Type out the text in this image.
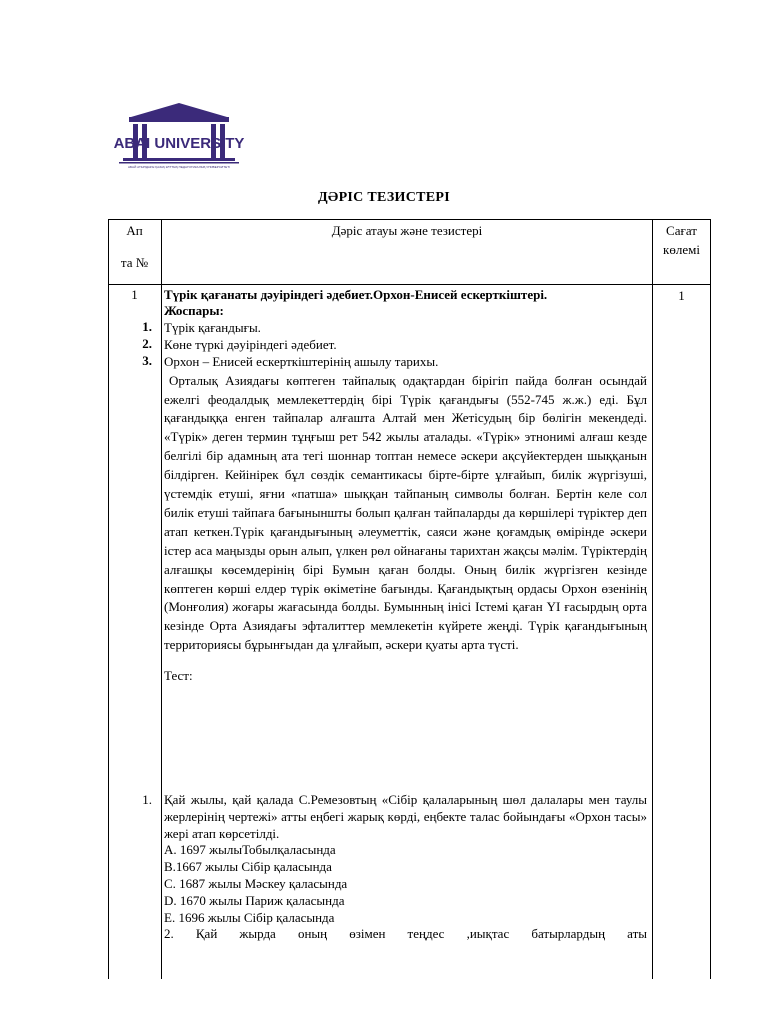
ABAI UNIVERSITY
АБАЙ АТЫНДАҒЫ ҚАЗАҚ ҰЛТТЫҚ ПЕДАГОГИКАЛЫҚ УНИВЕРСИТЕТІ
ДӘРІС ТЕЗИСТЕРІ
Ап
та №
Дәріс атауы және тезистері	Сағат
көлемі
1	1
1.
2.
3.
Түрік қағанаты дәуіріндегі әдебиет.Орхон-Енисей ескерткіштері.
Жоспары:
Түрік қағандығы.
Көне түркі дәуіріндегі әдебиет.
Орхон – Енисей ескерткіштерінің ашылу тарихы.
Орталық Азиядағы көптеген тайпалық одақтардан бірігіп пайда болған осындай ежелгі феодалдық мемлекеттердің бірі Түрік қағандығы (552-745 ж.ж.) еді. Бұл қағандыққа енген тайпалар алғашта Алтай мен Жетісудың бір бөлігін мекендеді. «Түрік» деген термин тұңғыш рет 542 жылы аталады. «Түрік» этнонимі алғаш кезде белгілі бір адамның ата тегі шоннар топтан немесе әскери ақсүйектерден шыққанын білдірген. Кейінірек бұл сөздік семантикасы бірте-бірте ұлғайып, билік жүргізуші, үстемдік етуші, яғни «патша» шыққан тайпаның символы болған. Бертін келе сол билік етуші тайпаға бағыныншты болып қалған тайпаларды да көршілері түріктер деп атап кеткен.Түрік қағандығының әлеуметтік, саяси және қоғамдық өмірінде әскери істер аса маңызды орын алып, үлкен рөл ойнағаны тарихтан жақсы мәлім. Түріктердің алғашқы көсемдерінің бірі Бумын қаған болды. Оның билік жүргізген кезінде көптеген көрші елдер түрік өкіметіне бағынды. Қағандықтың ордасы Орхон өзенінің (Монғолия) жоғары жағасында болды. Бумынның інісі Істемі қаған YI ғасырдың орта кезінде Орта Азиядағы эфталиттер мемлекетін күйрете жеңді. Түрік қағандығының территориясы бұрынғыдан да ұлғайып, әскери қуаты арта түсті.
Тест:
1. Қай жылы, қай қалада С.Ремезовтың «Сібір қалаларының шөл далалары мен таулы жерлерінің чертежі» атты еңбегі жарық көрді, еңбекте талас бойындағы «Орхон тасы» жері атап көрсетілді.
A. 1697 жылыТобылқаласында
B.1667 жылы Сібір қаласында
C. 1687 жылы Мәскеу қаласында
D. 1670 жылы Париж қаласында
E. 1696 жылы Сібір қаласында
2. Қай жырда оның өзімен теңдес ,иықтас батырлардың аты
